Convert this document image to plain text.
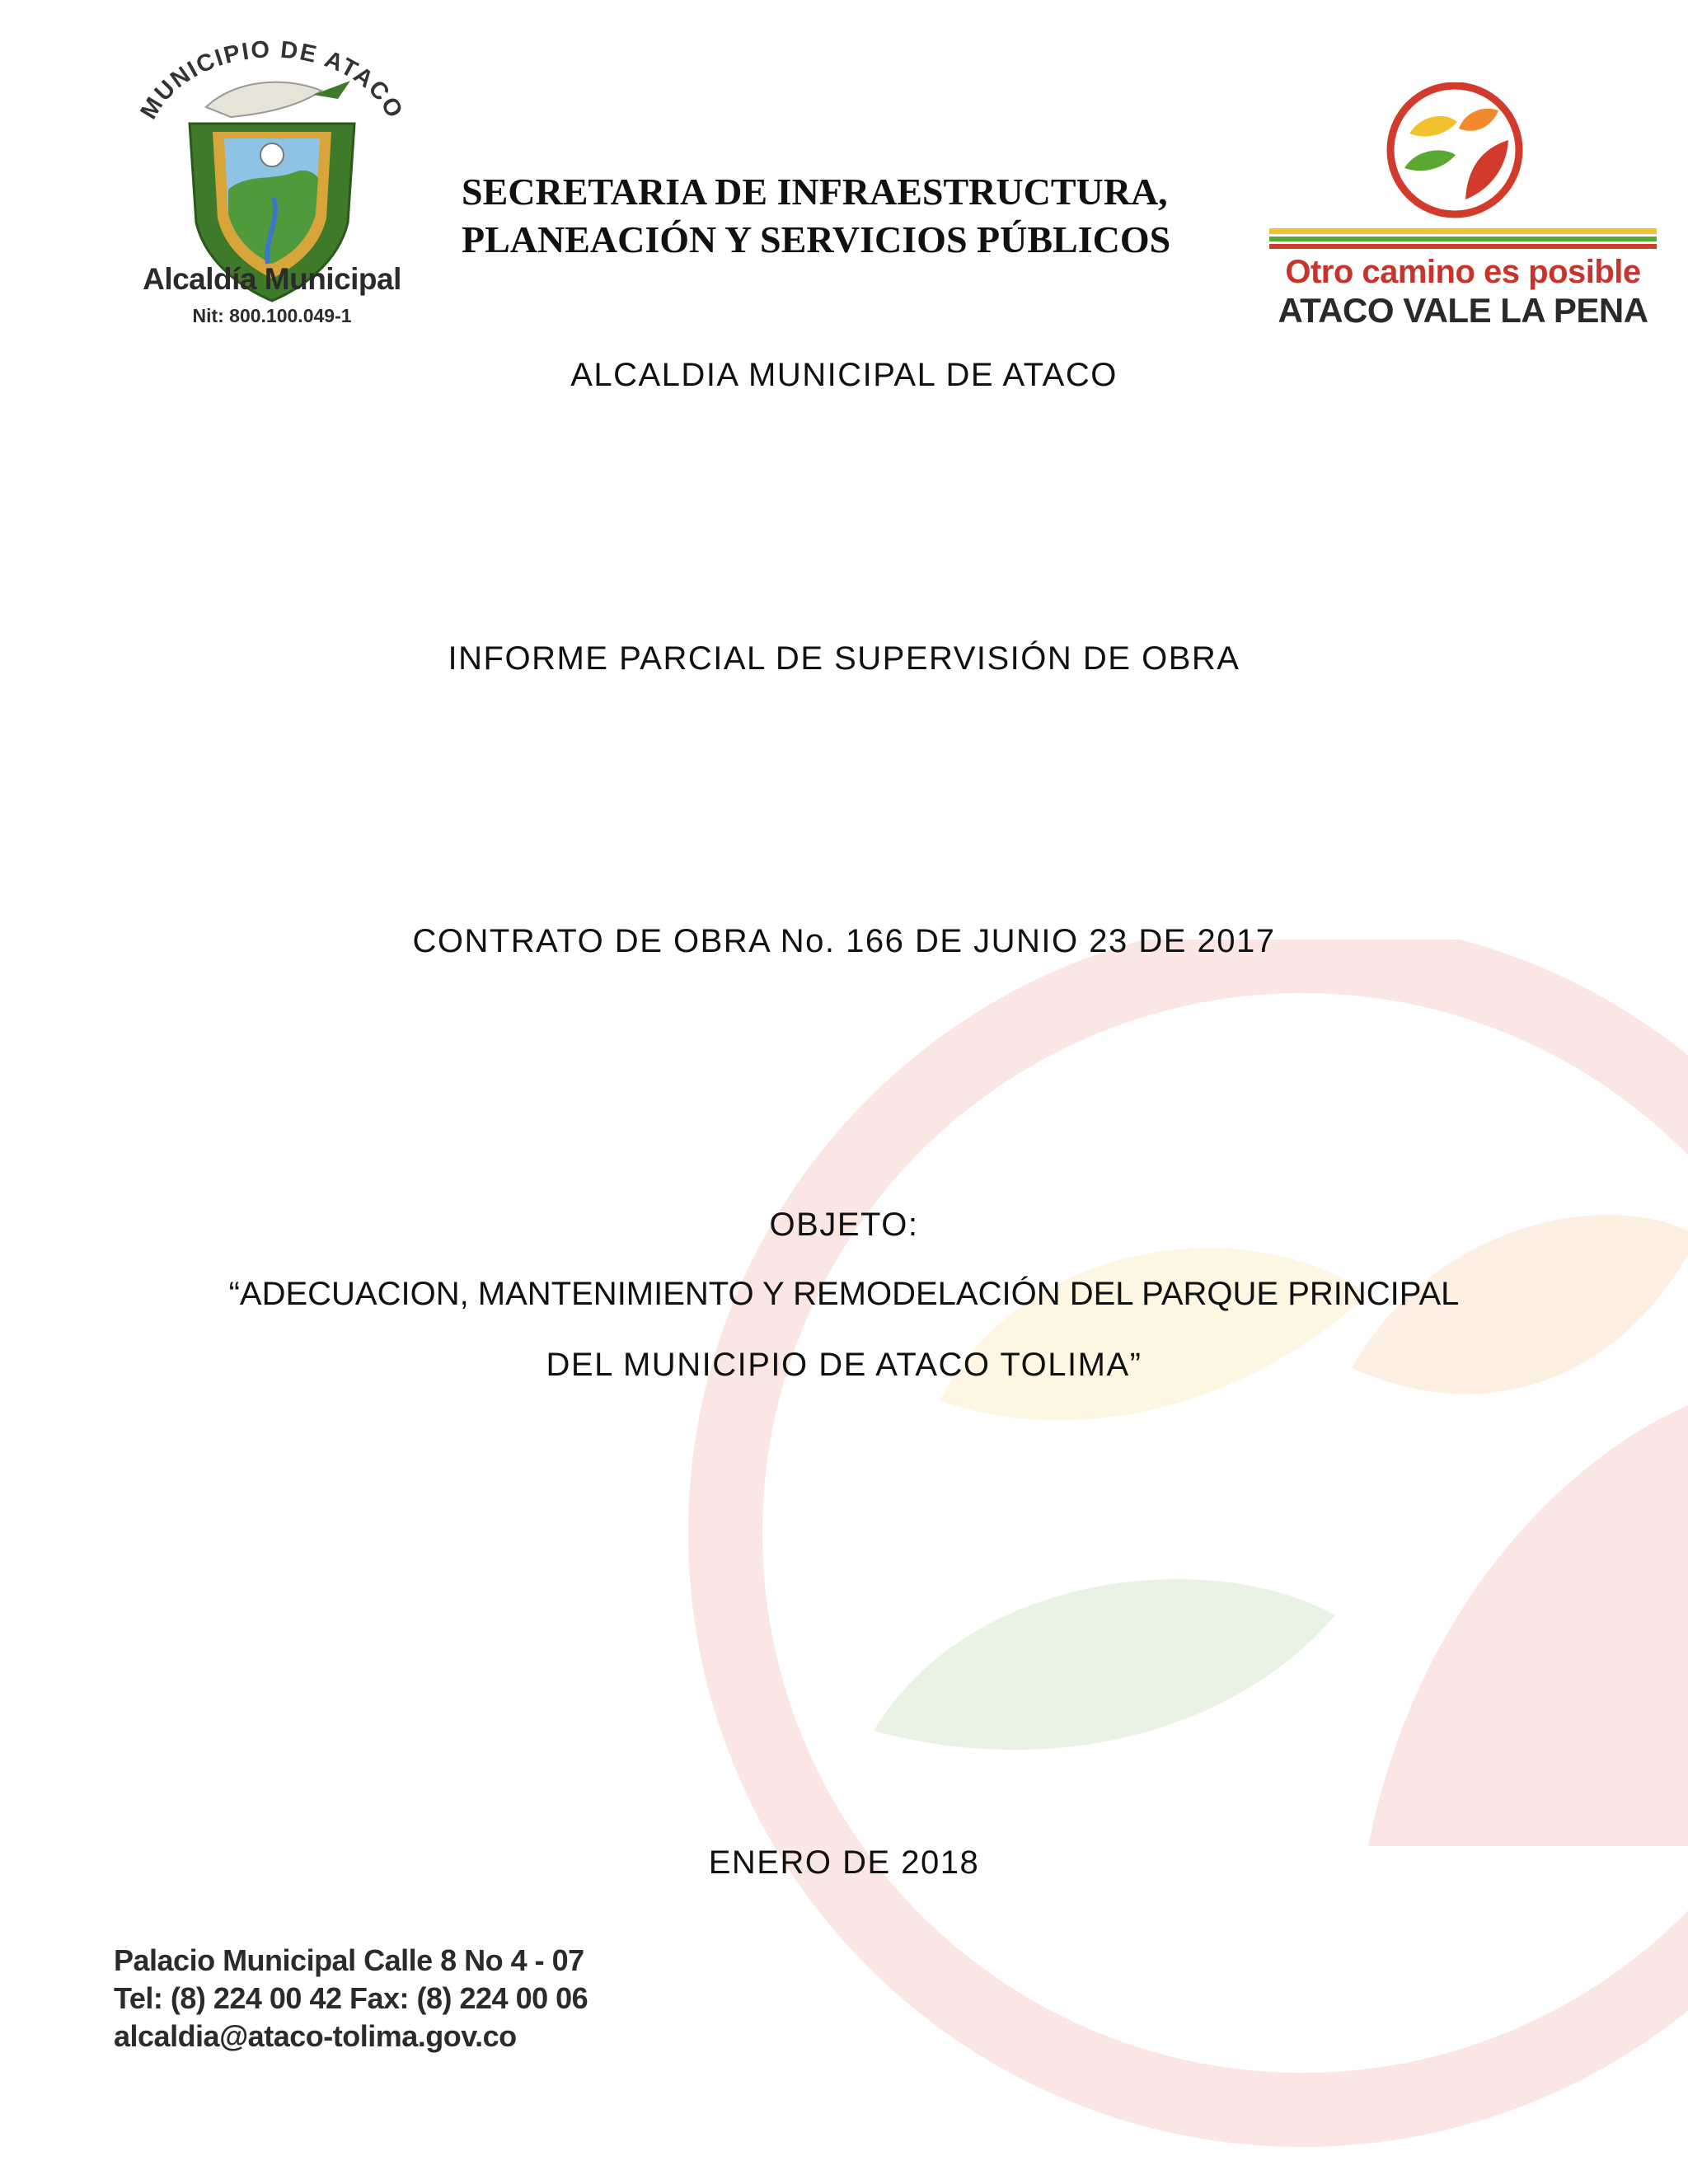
MUNICIPIO DE ATACO
Alcaldía Municipal
Nit: 800.100.049-1
SECRETARIA DE INFRAESTRUCTURA,
PLANEACIÓN Y SERVICIOS PÚBLICOS
Otro camino es posible
ATACO VALE LA PENA
ALCALDIA MUNICIPAL DE ATACO
INFORME PARCIAL DE SUPERVISIÓN DE OBRA
CONTRATO DE OBRA No. 166 DE JUNIO 23 DE 2017
OBJETO:
“ADECUACION, MANTENIMIENTO Y REMODELACIÓN DEL PARQUE PRINCIPAL
DEL MUNICIPIO DE ATACO TOLIMA”
ENERO DE 2018
Palacio Municipal Calle 8 No 4 - 07
Tel: (8) 224 00 42 Fax: (8) 224 00 06
alcaldia@ataco-tolima.gov.co
